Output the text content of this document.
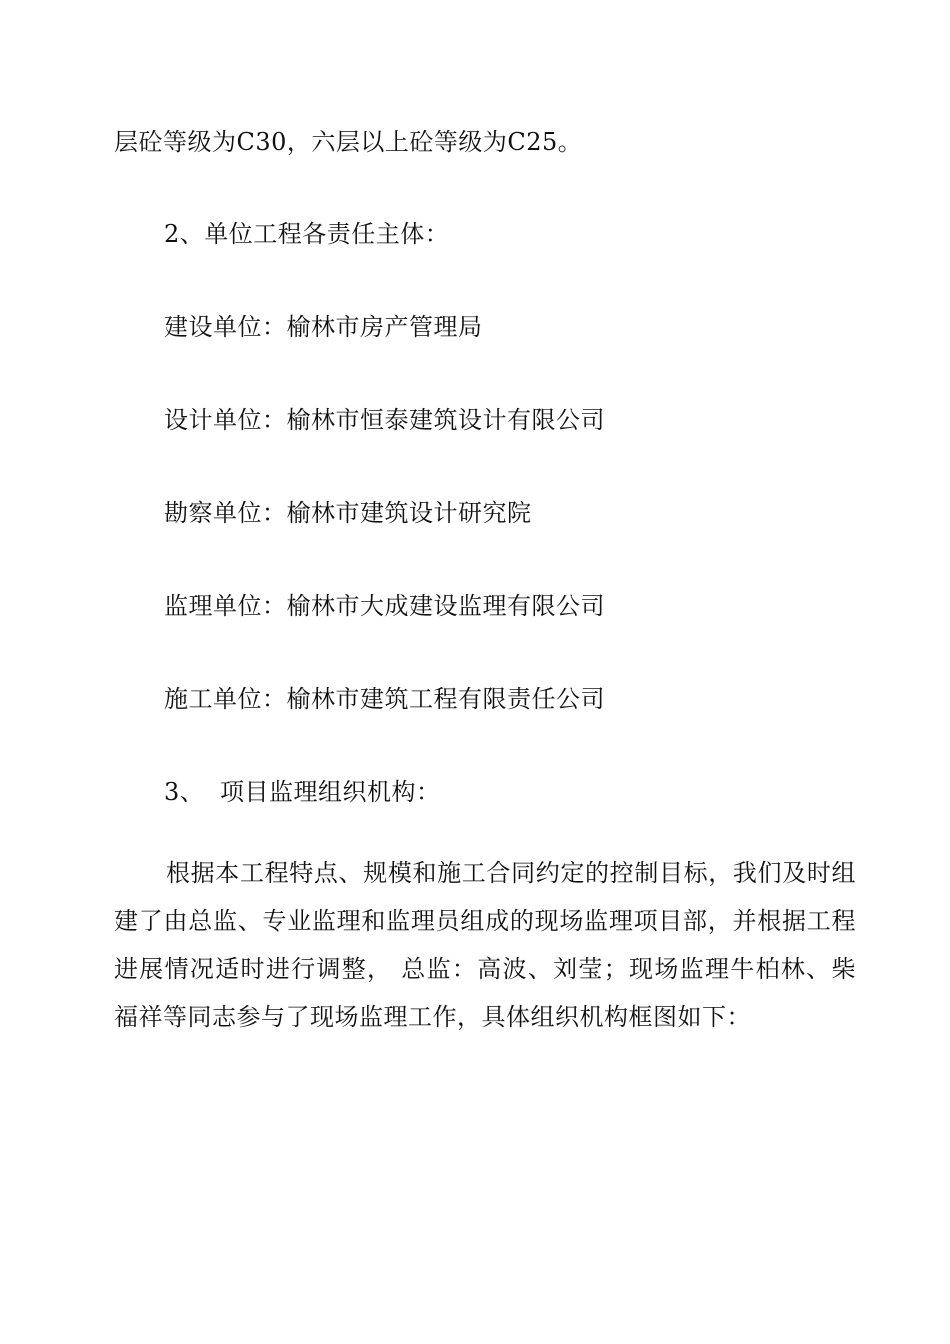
层砼等级为C30，六层以上砼等级为C25。
2、单位工程各责任主体：
建设单位：榆林市房产管理局
设计单位：榆林市恒泰建筑设计有限公司
勘察单位：榆林市建筑设计研究院
监理单位：榆林市大成建设监理有限公司
施工单位：榆林市建筑工程有限责任公司
3、 项目监理组织机构：

根据本工程特点、规模和施工合同约定的控制目标，我们及时组建了由总监、专业监理和监理员组成的现场监理项目部，并根据工程进展情况适时进行调整， 总监：高波、刘莹；现场监理牛柏林、柴福祥等同志参与了现场监理工作，具体组织机构框图如下：
